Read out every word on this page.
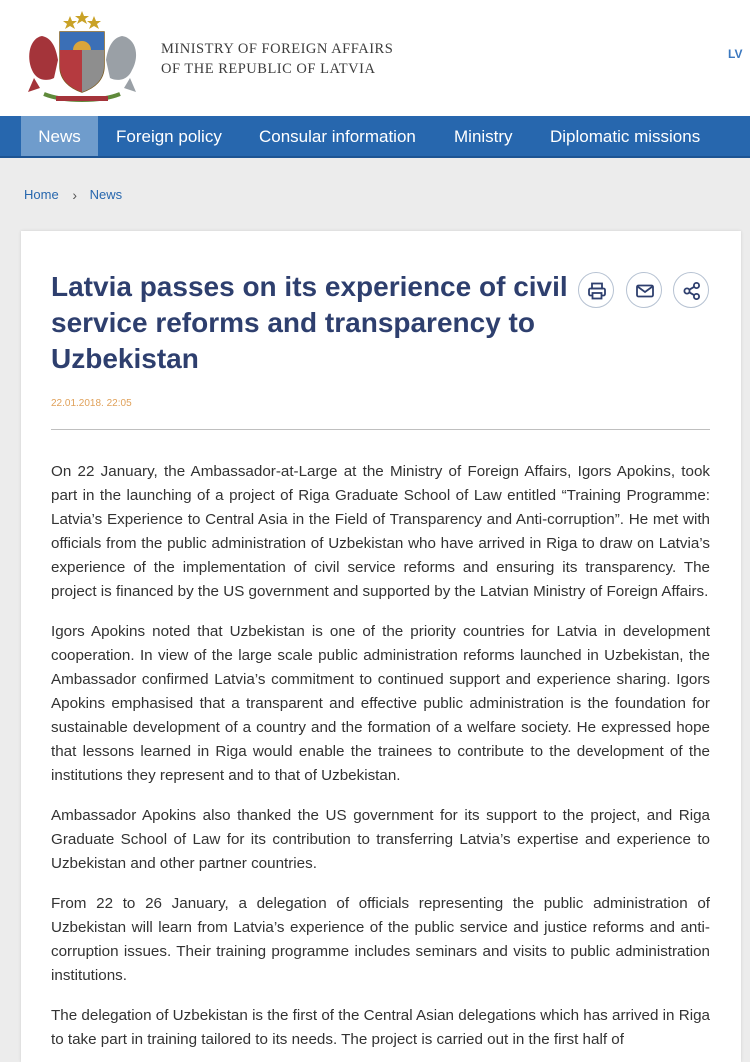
MINISTRY OF FOREIGN AFFAIRS
OF THE REPUBLIC OF LATVIA
LV
News	Foreign policy Consular information Ministry Diplomatic missions
Home › News
Latvia passes on its experience of civil service reforms and transparency to Uzbekistan
22.01.2018. 22:05

On 22 January, the Ambassador-at-Large at the Ministry of Foreign Affairs, Igors Apokins, took part in the launching of a project of Riga Graduate School of Law entitled “Training Programme: Latvia’s Experience to Central Asia in the Field of Transparency and Anti-corruption”. He met with officials from the public administration of Uzbekistan who have arrived in Riga to draw on Latvia’s experience of the implementation of civil service reforms and ensuring its transparency. The project is financed by the US government and supported by the Latvian Ministry of Foreign Affairs.

Igors Apokins noted that Uzbekistan is one of the priority countries for Latvia in development cooperation. In view of the large scale public administration reforms launched in Uzbekistan, the Ambassador confirmed Latvia’s commitment to continued support and experience sharing. Igors Apokins emphasised that a transparent and effective public administration is the foundation for sustainable development of a country and the formation of a welfare society. He expressed hope that lessons learned in Riga would enable the trainees to contribute to the development of the institutions they represent and to that of Uzbekistan.

Ambassador Apokins also thanked the US government for its support to the project, and Riga Graduate School of Law for its contribution to transferring Latvia’s expertise and experience to Uzbekistan and other partner countries.

From 22 to 26 January, a delegation of officials representing the public administration of Uzbekistan will learn from Latvia’s experience of the public service and justice reforms and anti-corruption issues. Their training programme includes seminars and visits to public administration institutions.

The delegation of Uzbekistan is the first of the Central Asian delegations which has arrived in Riga to take part in training tailored to its needs. The project is carried out in the first half of
